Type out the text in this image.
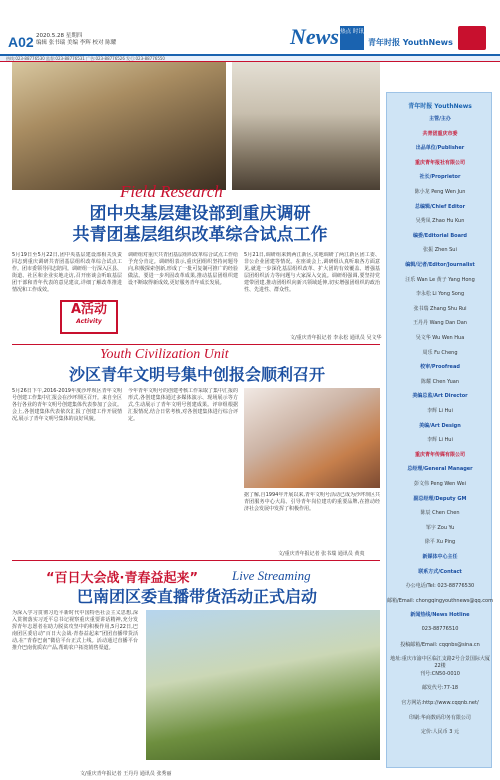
A02 2020.5.28 星期四
编辑 张书瑞 美编 李辉 校对 陈耀	News 热点 时讯
青年时报 YouthNews
热线:023-88776530 监督:023-88776531 广告:023-88776526 发行:023-88776550
Field Research
团中央基层建设部到重庆调研
共青团基层组织改革综合试点工作
5月19日至5月22日,团中央基层建设部相关负责同志到重庆调研共青团基层组织改革综合试点工作。团市委领导同志陪同。调研组一行深入区县、街道、社区和企业实地走访,召开座谈会听取基层团干部和青年代表的意见建议,详细了解改革推进情况和工作成效。
A活动
Activity
调研组对重庆共青团基层组织改革综合试点工作给予充分肯定。调研组表示,重庆团组织坚持问题导向,积极探索创新,形成了一批可复制可推广的经验做法。要进一步巩固改革成果,推动基层团组织建设不断取得新成效,更好服务青年成长发展。
5月21日,调研组来到两江新区,实地调研了两江新区团工委、非公企业团建等情况。在座谈会上,调研组认真听取各方面意见,就进一步深化基层组织改革、扩大团的有效覆盖、增强基层团组织活力等问题与大家深入交流。调研组强调,要坚持党建带团建,推动团组织向新兴领域延伸,切实增强团组织的政治性、先进性、群众性。
文/重庆青年报记者 李永松 通讯员 吴文华
Youth Civilization Unit
沙区青年文明号集中创报会顺利召开
5月26日下午,2016-2019年度沙坪坝区青年文明号创建工作集中汇报会在沙坪坝区召开。来自全区各行各业的青年文明号创建集体代表参加了会议。会上,各创建集体代表依次汇报了创建工作开展情况,展示了青年文明号集体的良好风貌。
今年青年文明号的创建考核工作采取了集中汇报的形式,各创建集体通过多媒体演示、现场展示等方式,生动展示了青年文明号创建成果。评审组根据汇报情况,结合日常考核,对各创建集体进行综合评定。
据了解,自1994年开展以来,青年文明号活动已成为沙坪坝区共青团服务中心大局、引导青年岗位建功的重要品牌,在推动经济社会发展中发挥了积极作用。
文/重庆青年报记者 张书瑞 通讯员 黄夷
“百日大会战·青春益起来”	Live Streaming
巴南团区委直播带货活动正式启动
为深入学习贯彻习近平新时代中国特色社会主义思想,深入贯彻落实习近平总书记视察重庆重要讲话精神,充分发挥青年志愿者在助力脱贫攻坚中的积极作用,5月22日,巴南团区委启动“百日大会战·青春益起来”团团直播带货活动,在“青春巴南”微信平台正式上线。活动通过直播平台推介巴南优质农产品,帮助农户拓宽销售渠道。
文/重庆青年报记者 王丹丹 通讯员 张秀丽
青年时报 YouthNews
主管/主办
共青团重庆市委
出品单位/Publisher
重庆青年报社有限公司
社长/Proprietor
陈小龙 Peng Wen Jun
总编辑/Chief Editor
吴秀凤 Zhao Hu Kun
编委/Editorial Board
张振 Zhen Sui
编辑/记者/Editor/Journalist
汪乐 Wan Le 黄子 Yang Hong
李永松 Li Yong Song
张书瑞 Zhang Shu Rui
王丹丹 Wang Dan Dan
吴文华 Wu Wen Hua
周乐 Fu Cheng
校审/Proofread
陈耀 Chen Yuan
美编总监/Art Director
李辉 Li Hui
美编/Art Design
李辉 Li Hui
重庆青年传媒有限公司
总经理/General Manager
彭文伟 Peng Wen Wei
副总经理/Deputy GM
陈辰 Chen Chen
邹宇 Zou Yu
徐平 Xu Ping
新媒体中心主任
联系方式/Contact
办公电话/Tel: 023-88776530
邮箱/Email: chongqingyouthnews@qq.com
新闻热线/News Hotline
023-88776510
投稿邮箱/Email: cqqnbs@sina.cn
地址:重庆市渝中区临江支路2号合景国际大厦22楼
刊号:CN50-0010
邮发代号:77-18
官方网站:http://www.cqqnb.net/
印刷:华商数码印务有限公司
定价:人民币 3 元
